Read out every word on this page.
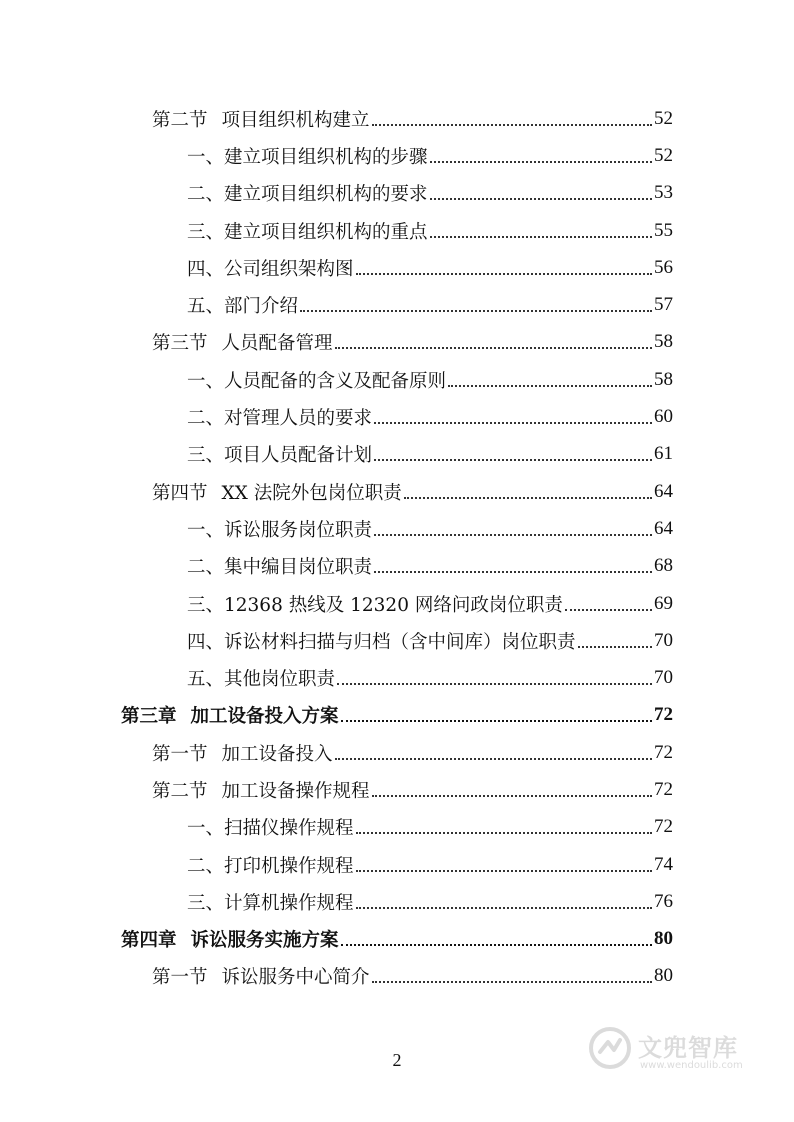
第二节 项目组织机构建立	52
一、建立项目组织机构的步骤	52
二、建立项目组织机构的要求	53
三、建立项目组织机构的重点	55
四、公司组织架构图	56
五、部门介绍	57
第三节 人员配备管理	58
一、人员配备的含义及配备原则	58
二、对管理人员的要求	60
三、项目人员配备计划	61
第四节 XX 法院外包岗位职责	64
一、诉讼服务岗位职责	64
二、集中编目岗位职责	68
三、12368 热线及 12320 网络问政岗位职责	69
四、诉讼材料扫描与归档（含中间库）岗位职责	70
五、其他岗位职责	70
第三章 加工设备投入方案	72
第一节 加工设备投入	72
第二节 加工设备操作规程	72
一、扫描仪操作规程	72
二、打印机操作规程	74
三、计算机操作规程	76
第四章 诉讼服务实施方案	80
第一节 诉讼服务中心简介	80
2	文兜智库
www.wendoulib.com
